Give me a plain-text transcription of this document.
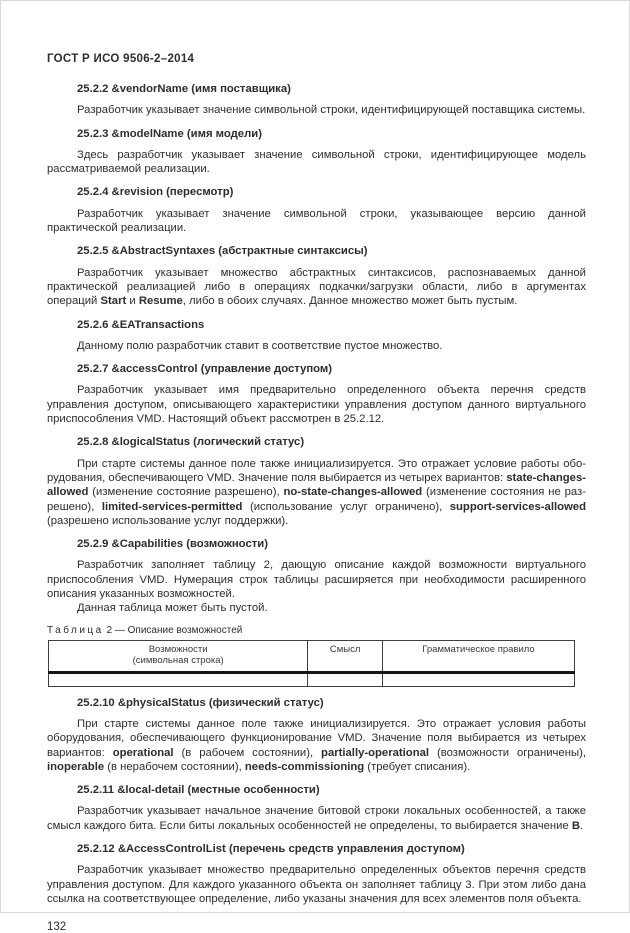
ГОСТ Р ИСО 9506-2–2014
25.2.2 &vendorName (имя поставщика)

Разработчик указывает значение символьной строки, идентифицирующей поставщика системы.

25.2.3 &modelName (имя модели)

Здесь разработчик указывает значение символьной строки, идентифицирующее модель рассматриваемой реализации.

25.2.4 &revision (пересмотр)

Разработчик указывает значение символьной строки, указывающее версию данной практической реализации.

25.2.5 &AbstractSyntaxes (абстрактные синтаксисы)

Разработчик указывает множество абстрактных синтаксисов, распознаваемых данной практической реализацией либо в операциях подкачки/загрузки области, либо в аргументах операций Start и Resume, либо в обоих случаях. Данное множество может быть пустым.

25.2.6 &EATransactions

Данному полю разработчик ставит в соответствие пустое множество.

25.2.7 &accessControl (управление доступом)

Разработчик указывает имя предварительно определенного объекта перечня средств управления доступом, описывающего характеристики управления доступом данного виртуального приспособления VMD. Настоящий объект рассмотрен в 25.2.12.

25.2.8 &logicalStatus (логический статус)

При старте системы данное поле также инициализируется. Это отражает условие работы оборудования, обеспечивающего VMD. Значение поля выбирается из четырех вариантов: state-changes-allowed (изменение состояние разрешено), no-state-changes-allowed (изменение состояния не разрешено), limited-services-permitted (использование услуг ограничено), support-services-allowed (разрешено использование услуг поддержки).

25.2.9 &Capabilities (возможности)

Разработчик заполняет таблицу 2, дающую описание каждой возможности виртуального приспособления VMD. Нумерация строк таблицы расширяется при необходимости расширенного описания указанных возможностей.

Данная таблица может быть пустой.

Таблица 2 — Описание возможностей
Возможности
(символьная строка)	Смысл	Грамматическое правило

25.2.10 &physicalStatus (физический статус)

При старте системы данное поле также инициализируется. Это отражает условия работы оборудования, обеспечивающего функционирование VMD. Значение поля выбирается из четырех вариантов: operational (в рабочем состоянии), partially-operational (возможности ограничены), inoperable (в нерабочем состоянии), needs-commissioning (требует списания).

25.2.11 &local-detail (местные особенности)

Разработчик указывает начальное значение битовой строки локальных особенностей, а также смысл каждого бита. Если биты локальных особенностей не определены, то выбирается значение B.

25.2.12 &AccessControlList (перечень средств управления доступом)

Разработчик указывает множество предварительно определенных объектов перечня средств управления доступом. Для каждого указанного объекта он заполняет таблицу 3. При этом либо дана ссылка на соответствующее определение, либо указаны значения для всех элементов поля объекта.

132
